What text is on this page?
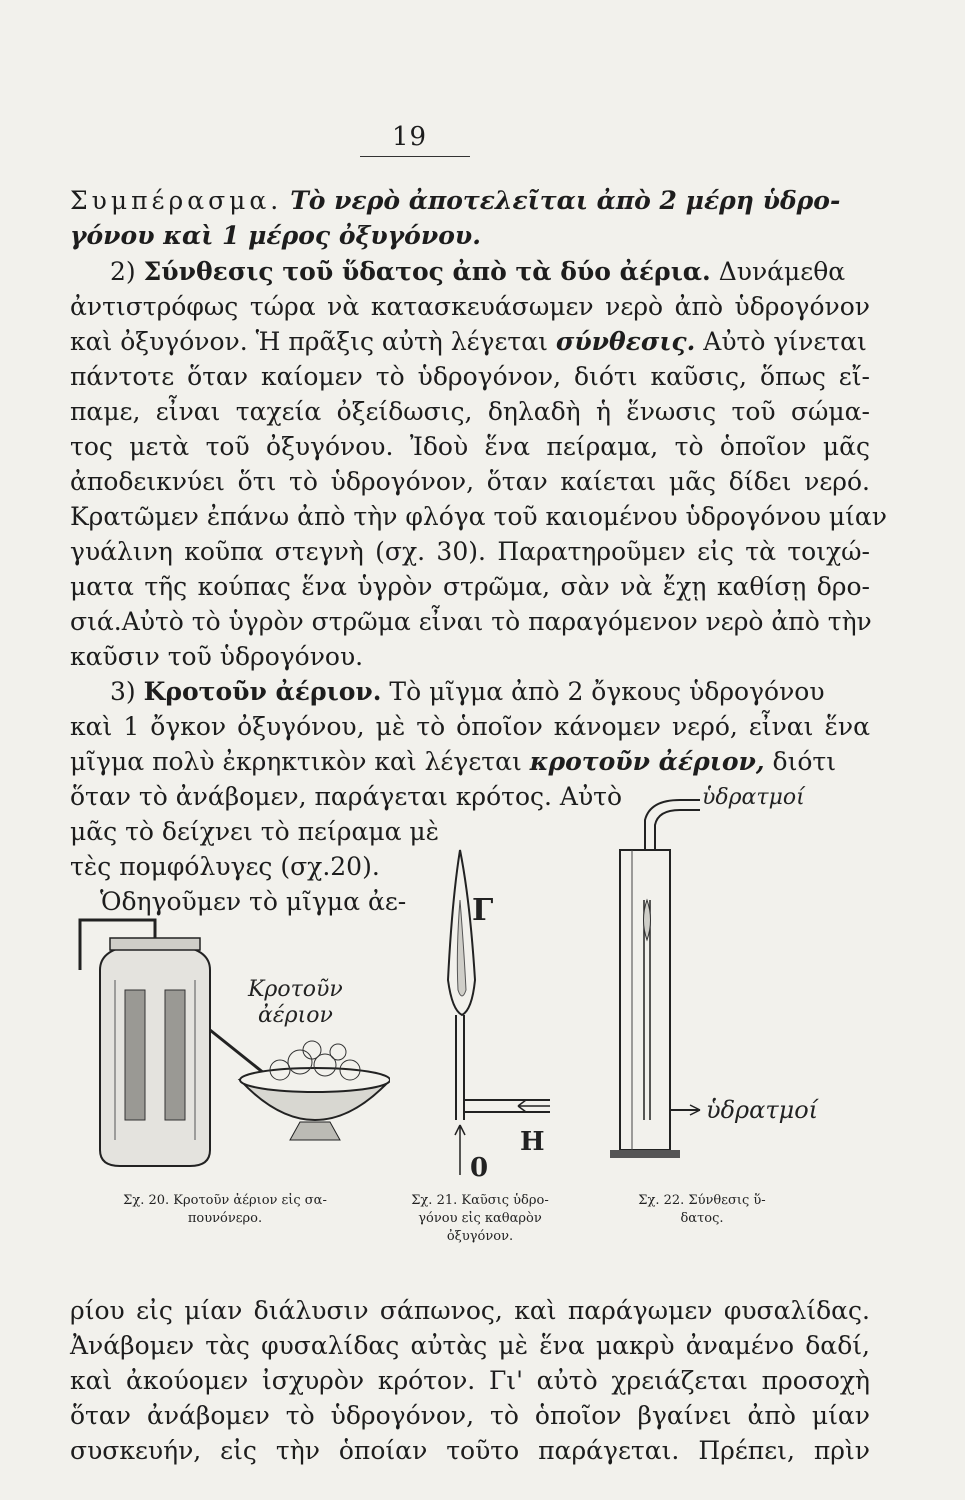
19
Συμπέρασμα. Τὸ νερὸ ἀποτελεῖται ἀπὸ 2 μέρη ὑδρο-
γόνου καὶ 1 μέρος ὀξυγόνου.
2) Σύνθεσις τοῦ ὕδατος ἀπὸ τὰ δύο ἀέρια. Δυνάμεθα
ἀντιστρόφως τώρα νὰ κατασκευάσωμεν νερὸ ἀπὸ ὑδρογόνον
καὶ ὀξυγόνον. Ἡ πρᾶξις αὐτὴ λέγεται σύνθεσις. Αὐτὸ γίνεται
πάντοτε ὅταν καίομεν τὸ ὑδρογόνον, διότι καῦσις, ὅπως εἴ-
παμε, εἶναι ταχεία ὀξείδωσις, δηλαδὴ ἡ ἕνωσις τοῦ σώμα-
τος μετὰ τοῦ ὀξυγόνου. Ἰδοὺ ἕνα πείραμα, τὸ ὁποῖον μᾶς
ἀποδεικνύει ὅτι τὸ ὑδρογόνον, ὅταν καίεται μᾶς δίδει νερό.
Κρατῶμεν ἐπάνω ἀπὸ τὴν φλόγα τοῦ καιομένου ὑδρογόνου μίαν
γυάλινη κοῦπα στεγνὴ (σχ. 30). Παρατηροῦμεν εἰς τὰ τοιχώ-
ματα τῆς κούπας ἕνα ὑγρὸν στρῶμα, σὰν νὰ ἔχῃ καθίσῃ δρο-
σιά.Αὐτὸ τὸ ὑγρὸν στρῶμα εἶναι τὸ παραγόμενον νερὸ ἀπὸ τὴν
καῦσιν τοῦ ὑδρογόνου.
3) Κροτοῦν ἀέριον. Τὸ μῖγμα ἀπὸ 2 ὄγκους ὑδρογόνου
καὶ 1 ὄγκον ὀξυγόνου, μὲ τὸ ὁποῖον κάνομεν νερό, εἶναι ἕνα
μῖγμα πολὺ ἐκρηκτικὸν καὶ λέγεται κροτοῦν ἀέριον, διότι
ὅταν τὸ ἀνάβομεν, παράγεται κρότος. Αὐτὸ
μᾶς τὸ δείχνει τὸ πείραμα μὲ
τὲς πομφόλυγες (σχ.20).
Ὁδηγοῦμεν τὸ μῖγμα ἀε-
Κροτοῦν
ἀέριον
Σχ. 20. Κροτοῦν ἀέριον εἰς σα-
πουνόνερο.
Γ
Η
0
Σχ. 21. Καῦσις ὑδρο-
γόνου εἰς καθαρὸν
ὀξυγόνον.
ὑδρατμοί
ὑδρατμοί
Σχ. 22. Σύνθεσις ὕ-
δατος.
ρίου εἰς μίαν διάλυσιν σάπωνος, καὶ παράγωμεν φυσαλίδας.
Ἀνάβομεν τὰς φυσαλίδας αὐτὰς μὲ ἕνα μακρὺ ἀναμένο δαδί,
καὶ ἀκούομεν ἰσχυρὸν κρότον. Γι' αὐτὸ χρειάζεται προσοχὴ
ὅταν ἀνάβομεν τὸ ὑδρογόνον, τὸ ὁποῖον βγαίνει ἀπὸ μίαν
συσκευήν, εἰς τὴν ὁποίαν τοῦτο παράγεται. Πρέπει, πρὶν
